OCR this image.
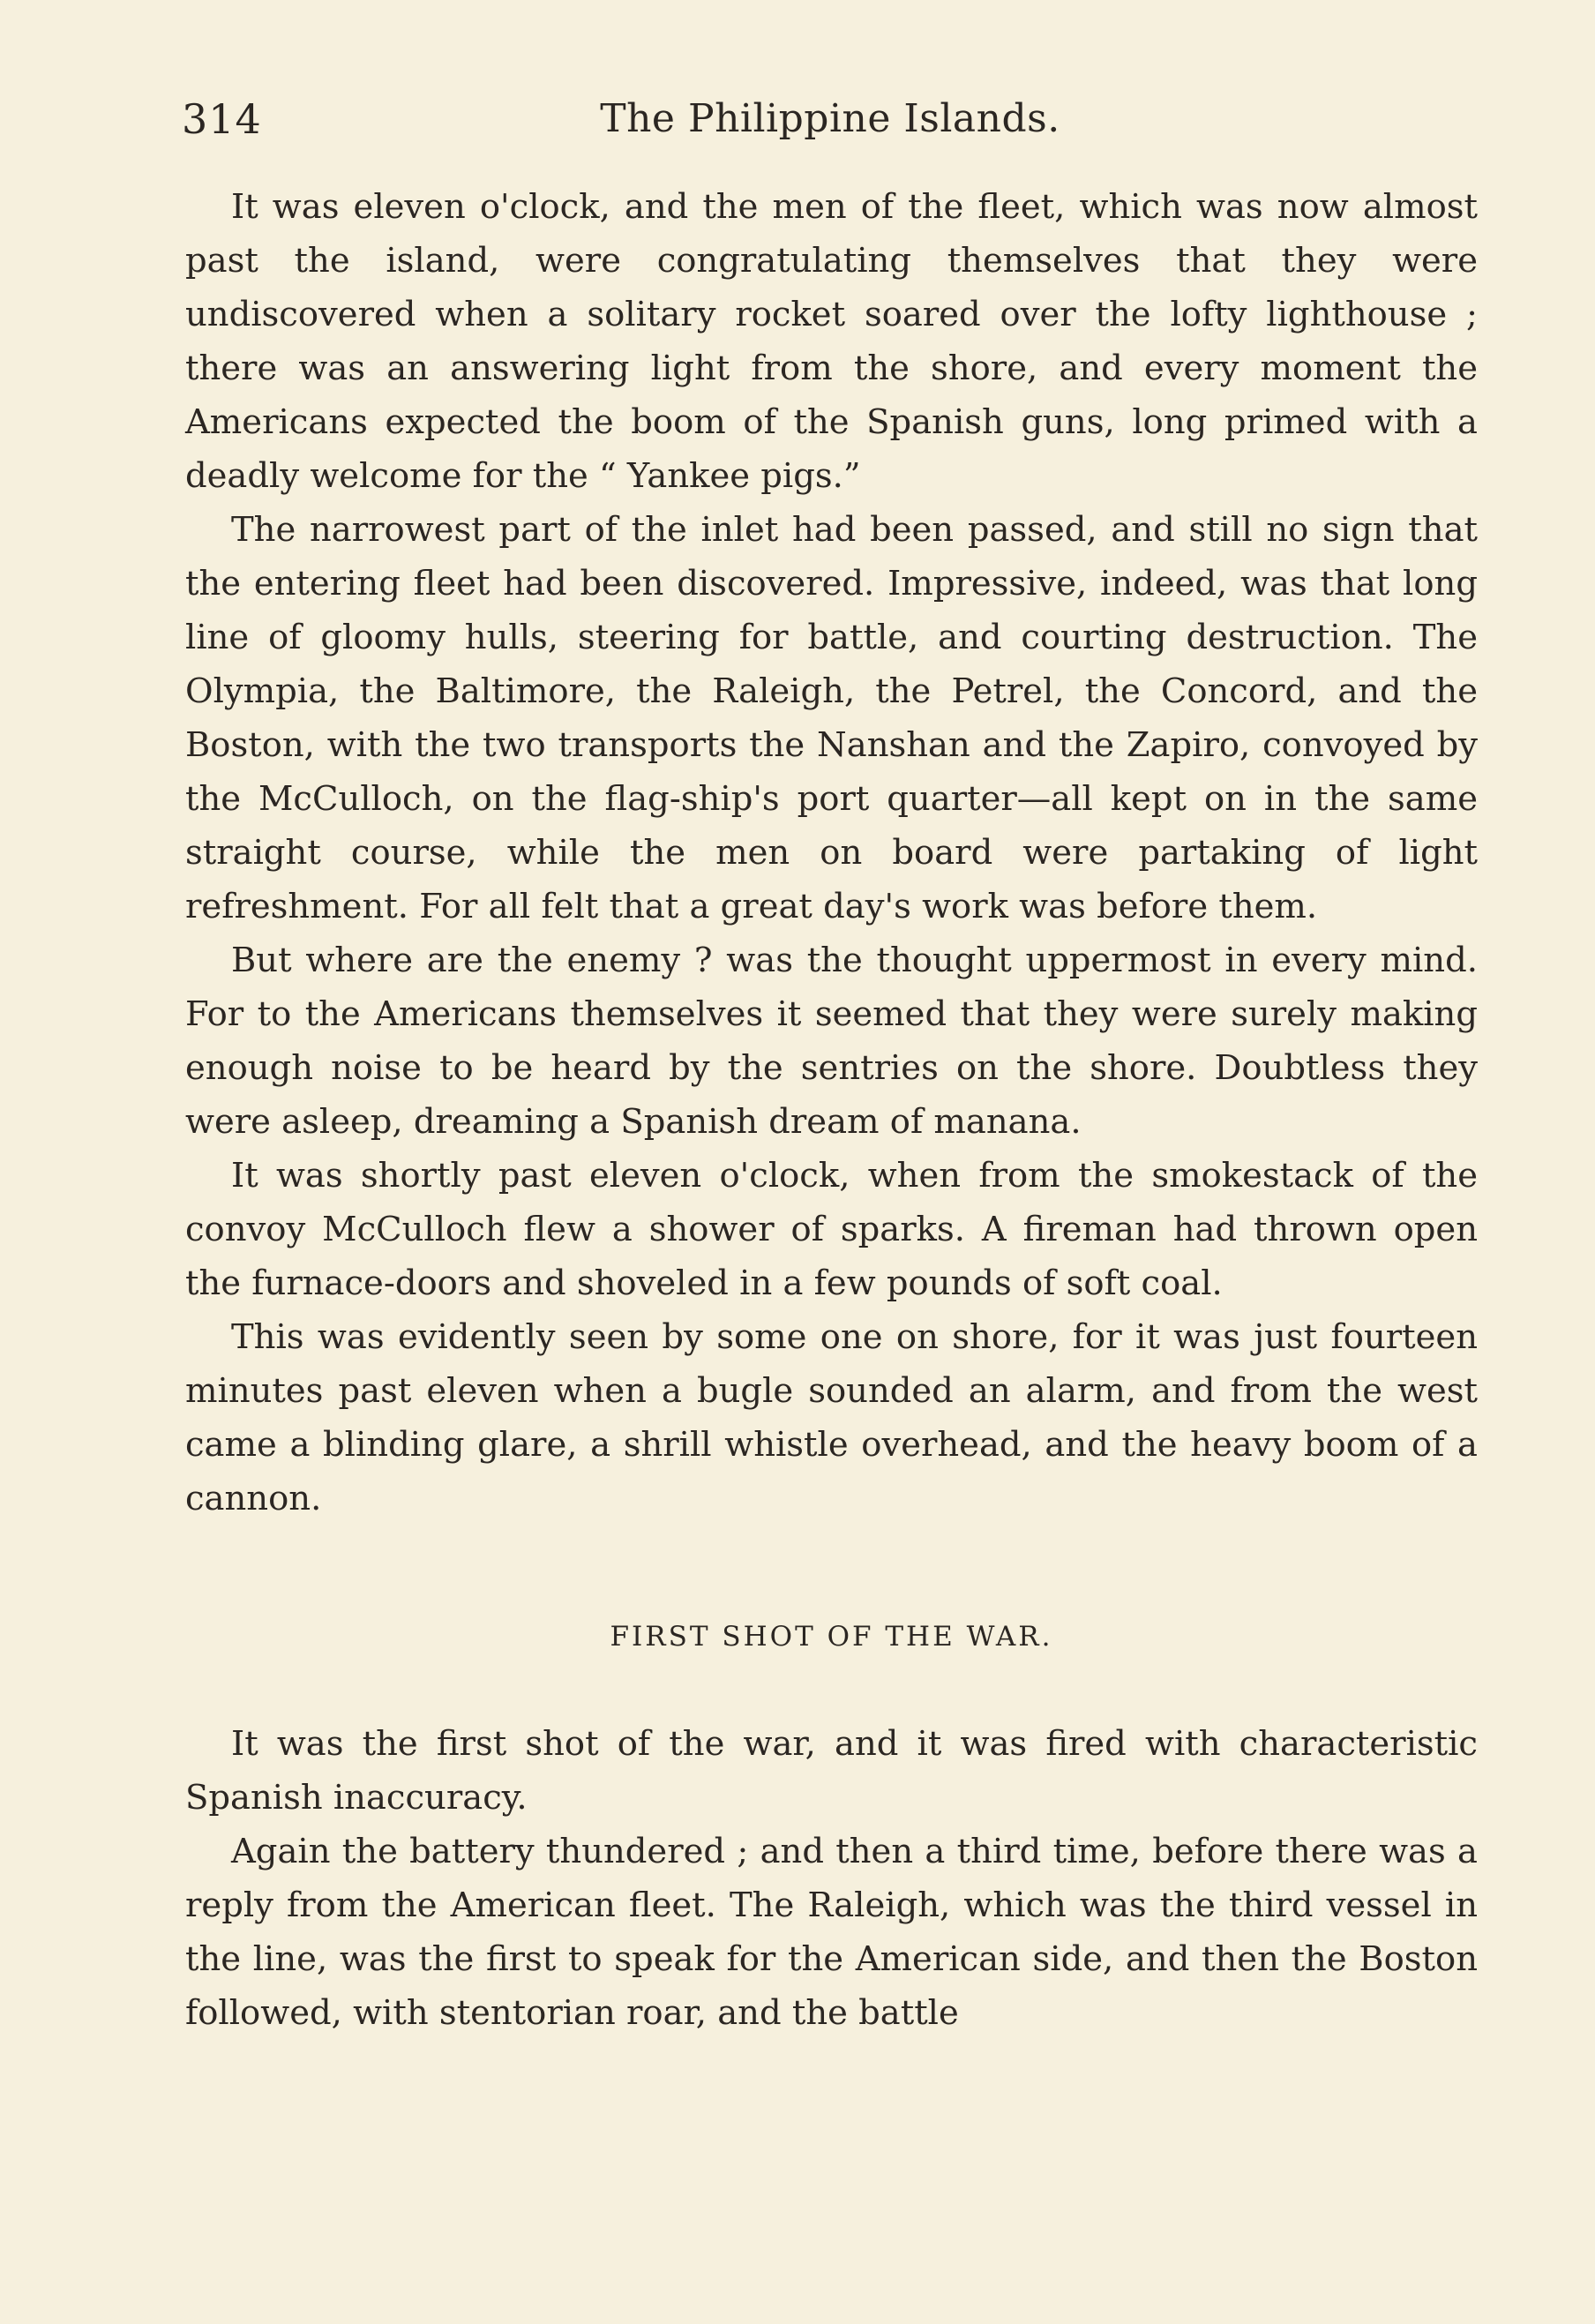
314	The Philippine Islands.

It was eleven o'clock, and the men of the fleet, which was now almost past the island, were congratulating themselves that they were undiscovered when a solitary rocket soared over the lofty lighthouse ; there was an answering light from the shore, and every moment the Americans expected the boom of the Spanish guns, long primed with a deadly welcome for the “ Yankee pigs.”

The narrowest part of the inlet had been passed, and still no sign that the entering fleet had been discovered. Impressive, indeed, was that long line of gloomy hulls, steering for battle, and courting destruction. The Olympia, the Baltimore, the Raleigh, the Petrel, the Concord, and the Boston, with the two transports the Nanshan and the Zapiro, convoyed by the McCulloch, on the flag-ship's port quarter—all kept on in the same straight course, while the men on board were partaking of light refreshment. For all felt that a great day's work was before them.

But where are the enemy ? was the thought uppermost in every mind. For to the Americans themselves it seemed that they were surely making enough noise to be heard by the sentries on the shore. Doubtless they were asleep, dreaming a Spanish dream of manana.

It was shortly past eleven o'clock, when from the smokestack of the convoy McCulloch flew a shower of sparks. A fireman had thrown open the furnace-doors and shoveled in a few pounds of soft coal.

This was evidently seen by some one on shore, for it was just fourteen minutes past eleven when a bugle sounded an alarm, and from the west came a blinding glare, a shrill whistle overhead, and the heavy boom of a cannon.

FIRST SHOT OF THE WAR.

It was the first shot of the war, and it was fired with characteristic Spanish inaccuracy.

Again the battery thundered ; and then a third time, before there was a reply from the American fleet. The Raleigh, which was the third vessel in the line, was the first to speak for the American side, and then the Boston followed, with stentorian roar, and the battle
